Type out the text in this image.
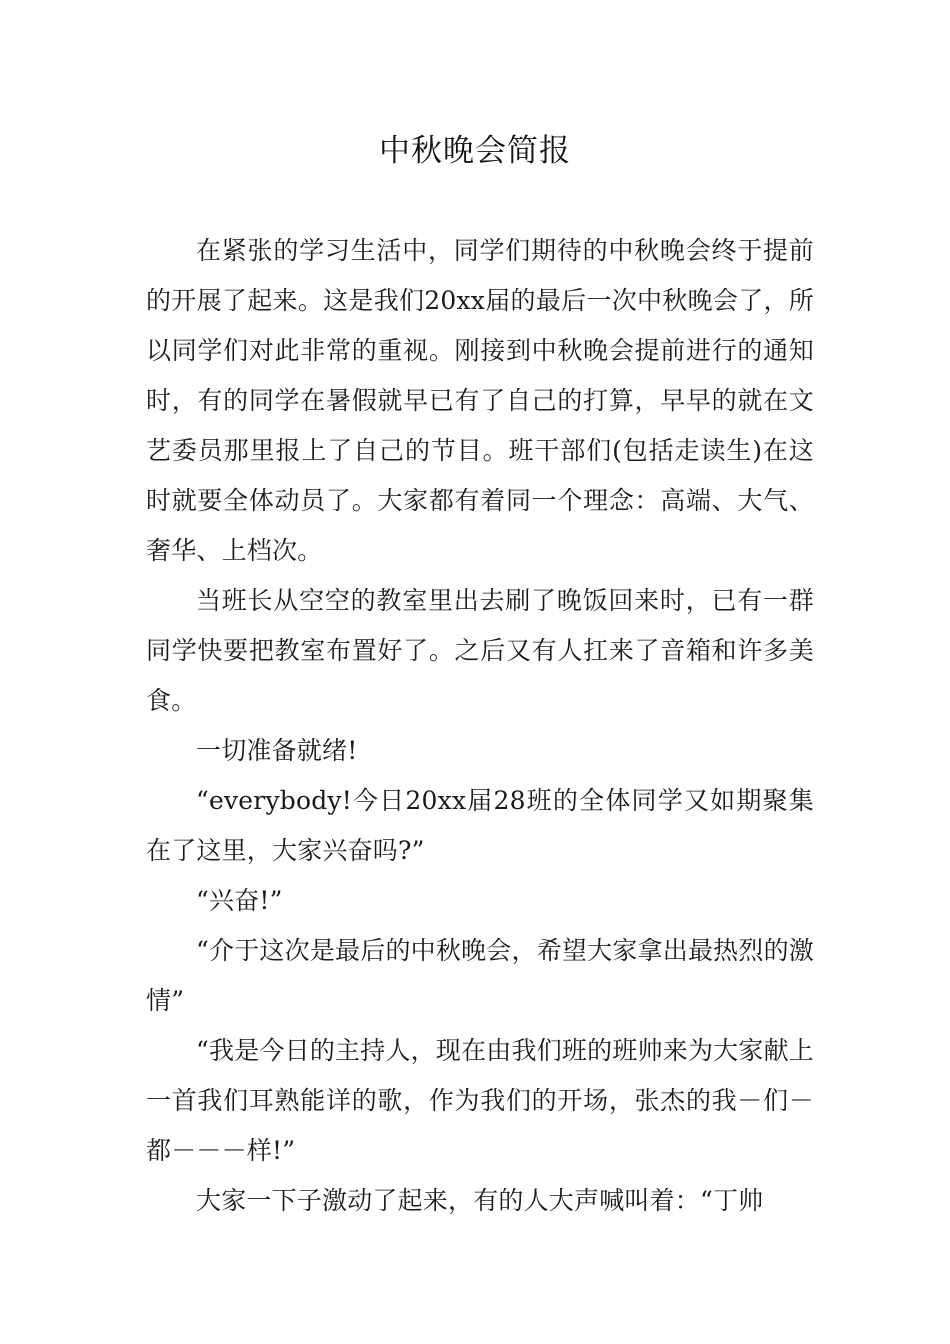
中秋晚会简报

在紧张的学习生活中，同学们期待的中秋晚会终于提前的开展了起来。这是我们20xx届的最后一次中秋晚会了，所以同学们对此非常的重视。刚接到中秋晚会提前进行的通知时，有的同学在暑假就早已有了自己的打算，早早的就在文艺委员那里报上了自己的节目。班干部们(包括走读生)在这时就要全体动员了。大家都有着同一个理念：高端、大气、奢华、上档次。

当班长从空空的教室里出去刷了晚饭回来时，已有一群同学快要把教室布置好了。之后又有人扛来了音箱和许多美食。

一切准备就绪!

“everybody!今日20xx届28班的全体同学又如期聚集在了这里，大家兴奋吗?”

“兴奋!”

“介于这次是最后的中秋晚会，希望大家拿出最热烈的激情”

“我是今日的主持人，现在由我们班的班帅来为大家献上一首我们耳熟能详的歌，作为我们的开场，张杰的我－们－都－－－样!”

大家一下子激动了起来，有的人大声喊叫着：“丁帅
